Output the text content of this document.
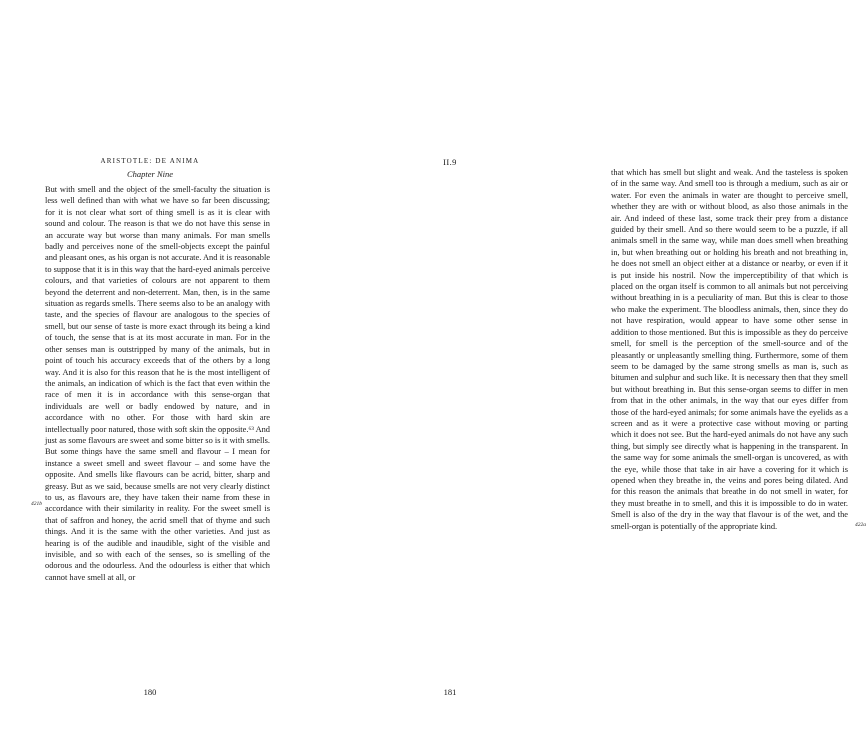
ARISTOTLE: DE ANIMA
Chapter Nine

But with smell and the object of the smell-faculty the situation is less well defined than with what we have so far been discussing; for it is not clear what sort of thing smell is as it is clear with sound and colour. The reason is that we do not have this sense in an accurate way but worse than many animals. For man smells badly and perceives none of the smell-objects except the painful and pleasant ones, as his organ is not accurate. And it is reasonable to suppose that it is in this way that the hard-eyed animals perceive colours, and that varieties of colours are not apparent to them beyond the deterrent and non-deterrent. Man, then, is in the same situation as regards smells. There seems also to be an analogy with taste, and the species of flavour are analogous to the species of smell, but our sense of taste is more exact through its being a kind of touch, the sense that is at its most accurate in man. For in the other senses man is outstripped by many of the animals, but in point of touch his accuracy exceeds that of the others by a long way. And it is also for this reason that he is the most intelligent of the animals, an indication of which is the fact that even within the race of men it is in accordance with this sense-organ that individuals are well or badly endowed by nature, and in accordance with no other. For those with hard skin are intellectually poor natured, those with soft skin the opposite.⁶³ And just as some flavours are sweet and some bitter so is it with smells. But some things have the same smell and flavour – I mean for instance a sweet smell and sweet flavour – and some have the opposite. And smells like flavours can be acrid, bitter, sharp and greasy. But as we said, because smells are not very clearly distinct to us, as flavours are, they have taken their name from these in accordance with their similarity in reality. For the sweet smell is that of saffron and honey, the acrid smell that of thyme and such things. And it is the same with the other varieties. And just as hearing is of the audible and inaudible, sight of the visible and invisible, and so with each of the senses, so is smelling of the odorous and the odourless. And the odourless is either that which cannot have smell at all, or

421b
180
II.9

that which has smell but slight and weak. And the tasteless is spoken of in the same way. And smell too is through a medium, such as air or water. For even the animals in water are thought to perceive smell, whether they are with or without blood, as also those animals in the air. And indeed of these last, some track their prey from a distance guided by their smell. And so there would seem to be a puzzle, if all animals smell in the same way, while man does smell when breathing in, but when breathing out or holding his breath and not breathing in, he does not smell an object either at a distance or nearby, or even if it is put inside his nostril. Now the imperceptibility of that which is placed on the organ itself is common to all animals but not perceiving without breathing in is a peculiarity of man. But this is clear to those who make the experiment. The bloodless animals, then, since they do not have respiration, would appear to have some other sense in addition to those mentioned. But this is impossible as they do perceive smell, for smell is the perception of the smell-source and of the pleasantly or unpleasantly smelling thing. Furthermore, some of them seem to be damaged by the same strong smells as man is, such as bitumen and sulphur and such like. It is necessary then that they smell but without breathing in. But this sense-organ seems to differ in men from that in the other animals, in the way that our eyes differ from those of the hard-eyed animals; for some animals have the eyelids as a screen and as it were a protective case without moving or parting which it does not see. But the hard-eyed animals do not have any such thing, but simply see directly what is happening in the transparent. In the same way for some animals the smell-organ is uncovered, as with the eye, while those that take in air have a covering for it which is opened when they breathe in, the veins and pores being dilated. And for this reason the animals that breathe in do not smell in water, for they must breathe in to smell, and this it is impossible to do in water. Smell is also of the dry in the way that flavour is of the wet, and the smell-organ is potentially of the appropriate kind.	422a
181
